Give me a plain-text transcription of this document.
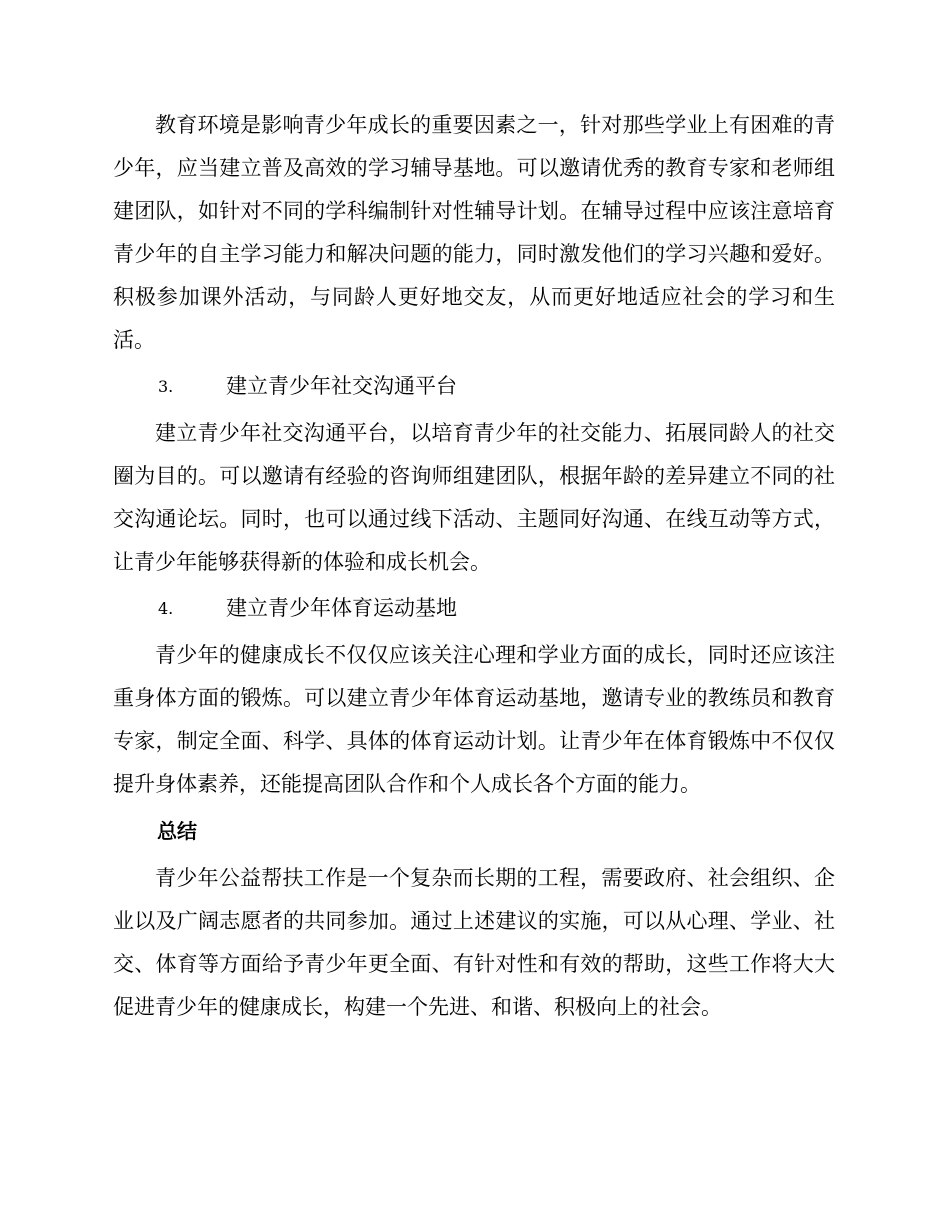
教育环境是影响青少年成长的重要因素之一，针对那些学业上有困难的青少年，应当建立普及高效的学习辅导基地。可以邀请优秀的教育专家和老师组建团队，如针对不同的学科编制针对性辅导计划。在辅导过程中应该注意培育青少年的自主学习能力和解决问题的能力，同时激发他们的学习兴趣和爱好。积极参加课外活动，与同龄人更好地交友，从而更好地适应社会的学习和生活。

3.	建立青少年社交沟通平台

建立青少年社交沟通平台，以培育青少年的社交能力、拓展同龄人的社交圈为目的。可以邀请有经验的咨询师组建团队，根据年龄的差异建立不同的社交沟通论坛。同时，也可以通过线下活动、主题同好沟通、在线互动等方式，让青少年能够获得新的体验和成长机会。

4.	建立青少年体育运动基地

青少年的健康成长不仅仅应该关注心理和学业方面的成长，同时还应该注重身体方面的锻炼。可以建立青少年体育运动基地，邀请专业的教练员和教育专家，制定全面、科学、具体的体育运动计划。让青少年在体育锻炼中不仅仅提升身体素养，还能提高团队合作和个人成长各个方面的能力。

总结

青少年公益帮扶工作是一个复杂而长期的工程，需要政府、社会组织、企业以及广阔志愿者的共同参加。通过上述建议的实施，可以从心理、学业、社交、体育等方面给予青少年更全面、有针对性和有效的帮助，这些工作将大大促进青少年的健康成长，构建一个先进、和谐、积极向上的社会。
